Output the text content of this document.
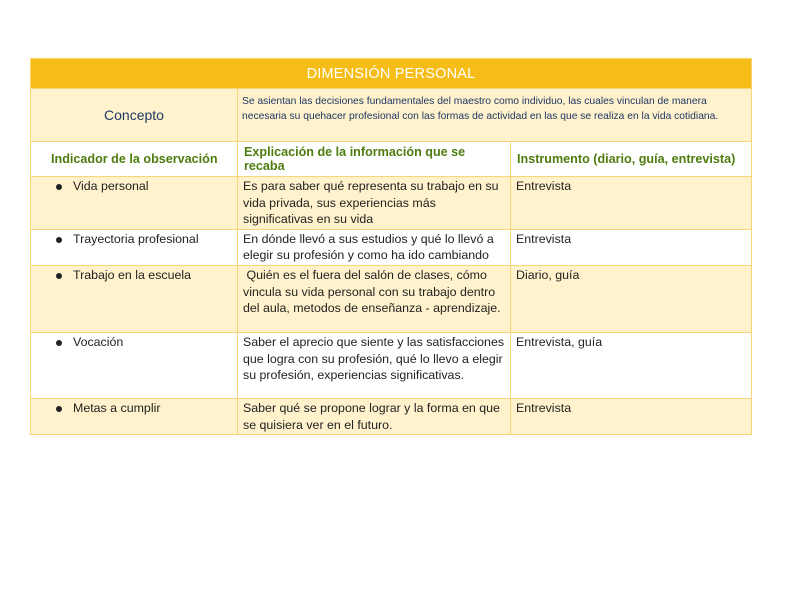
DIMENSIÓN PERSONAL		
Concepto	Se asientan las decisiones fundamentales del maestro como individuo, las cuales vinculan de manera necesaria su quehacer profesional con las formas de actividad en las que se realiza en la vida cotidiana.	
Indicador de la observación	Explicación de la información que se recaba	Instrumento (diario, guía, entrevista)

Vida personal	Es para saber qué representa su trabajo en su vida privada, sus experiencias más significativas en su vida	Entrevista

Trayectoria profesional	En dónde llevó a sus estudios y qué lo llevó a elegir su profesión y como ha ido cambiando	Entrevista

Trabajo en la escuela	Quién es el fuera del salón de clases, cómo vincula su vida personal con su trabajo dentro del aula, metodos de enseñanza - aprendizaje.	Diario, guía

Vocación	Saber el aprecio que siente y las satisfacciones que logra con su profesión, qué lo llevo a elegir su profesión, experiencias significativas.	Entrevista, guía

Metas a cumplir	Saber qué se propone lograr y la forma en que se quisiera ver en el futuro.	Entrevista
